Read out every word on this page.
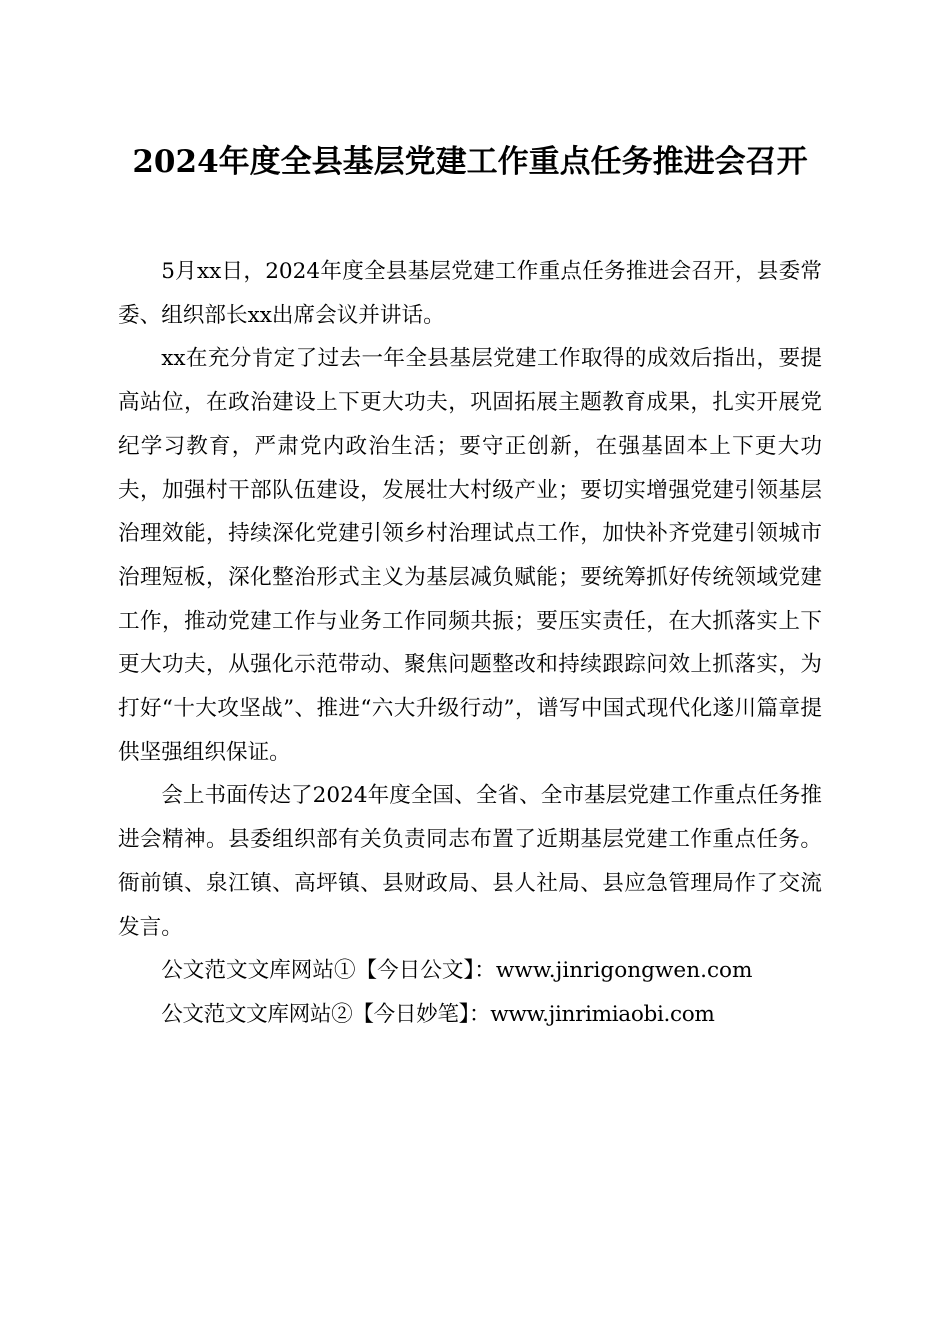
2024年度全县基层党建工作重点任务推进会召开

5月xx日，2024年度全县基层党建工作重点任务推进会召开，县委常委、组织部长xx出席会议并讲话。

xx在充分肯定了过去一年全县基层党建工作取得的成效后指出，要提高站位，在政治建设上下更大功夫，巩固拓展主题教育成果，扎实开展党纪学习教育，严肃党内政治生活；要守正创新，在强基固本上下更大功夫，加强村干部队伍建设，发展壮大村级产业；要切实增强党建引领基层治理效能，持续深化党建引领乡村治理试点工作，加快补齐党建引领城市治理短板，深化整治形式主义为基层减负赋能；要统筹抓好传统领域党建工作，推动党建工作与业务工作同频共振；要压实责任，在大抓落实上下更大功夫，从强化示范带动、聚焦问题整改和持续跟踪问效上抓落实，为打好“十大攻坚战”、推进“六大升级行动”，谱写中国式现代化遂川篇章提供坚强组织保证。

会上书面传达了2024年度全国、全省、全市基层党建工作重点任务推进会精神。县委组织部有关负责同志布置了近期基层党建工作重点任务。衙前镇、泉江镇、高坪镇、县财政局、县人社局、县应急管理局作了交流发言。

公文范文文库网站①【今日公文】：www.jinrigongwen.com

公文范文文库网站②【今日妙笔】：www.jinrimiaobi.com
